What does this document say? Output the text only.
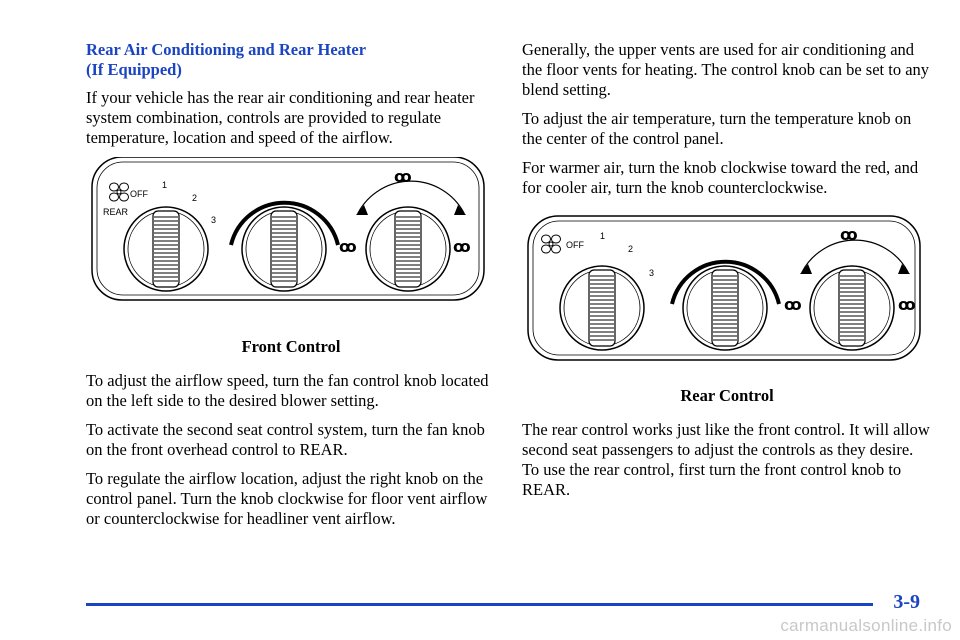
Rear Air Conditioning and Rear Heater
(If Equipped)

If your vehicle has the rear air conditioning and rear heater system combination, controls are provided to regulate temperature, location and speed of the airflow.

OFF
REAR
1
2
3
ꝏ
ꝏ	ꝏ
Front Control

To adjust the airflow speed, turn the fan control knob located on the left side to the desired blower setting.

To activate the second seat control system, turn the fan knob on the front overhead control to REAR.

To regulate the airflow location, adjust the right knob on the control panel. Turn the knob clockwise for floor vent airflow or counterclockwise for headliner vent airflow.

Generally, the upper vents are used for air conditioning and the floor vents for heating. The control knob can be set to any blend setting.

To adjust the air temperature, turn the temperature knob on the center of the control panel.

For warmer air, turn the knob clockwise toward the red, and for cooler air, turn the knob counterclockwise.

OFF
1
2
3
ꝏ
ꝏ	ꝏ
Rear Control

The rear control works just like the front control. It will allow second seat passengers to adjust the controls as they desire. To use the rear control, first turn the front control knob to REAR.

3-9
carmanualsonline.info
